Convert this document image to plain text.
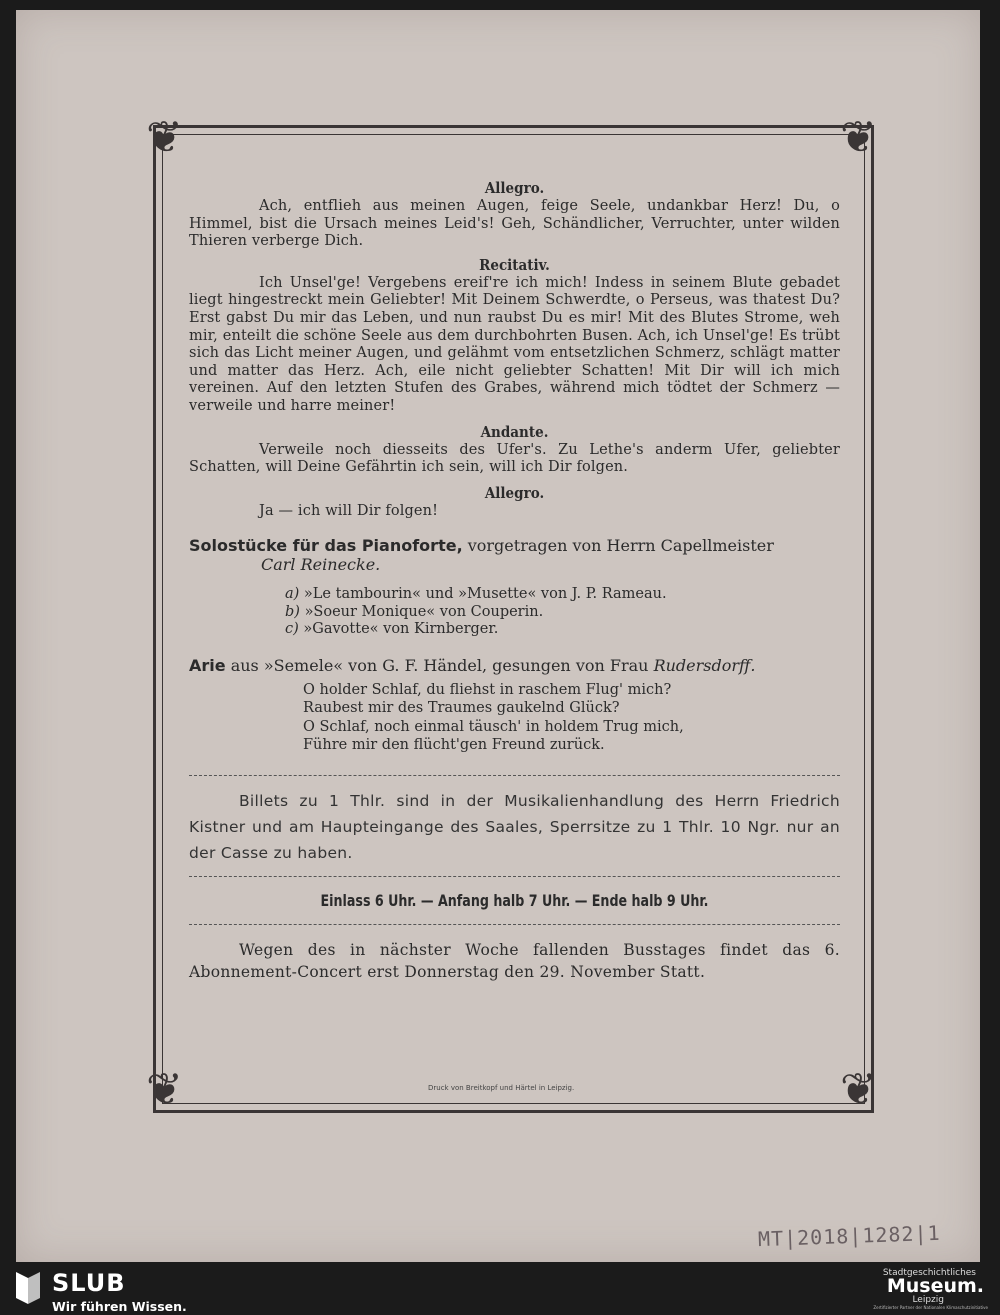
❦	❦
❦	❦
Allegro.

Ach, entflieh aus meinen Augen, feige Seele, undankbar Herz! Du, o Himmel, bist die Ursach meines Leid's! Geh, Schändlicher, Verruchter, unter wilden Thieren verberge Dich.

Recitativ.

Ich Unsel'ge! Vergebens ereif're ich mich! Indess in seinem Blute gebadet liegt hingestreckt mein Geliebter! Mit Deinem Schwerdte, o Perseus, was thatest Du? Erst gabst Du mir das Leben, und nun raubst Du es mir! Mit des Blutes Strome, weh mir, enteilt die schöne Seele aus dem durchbohrten Busen. Ach, ich Unsel'ge! Es trübt sich das Licht meiner Augen, und gelähmt vom entsetzlichen Schmerz, schlägt matter und matter das Herz. Ach, eile nicht geliebter Schatten! Mit Dir will ich mich vereinen. Auf den letzten Stufen des Grabes, während mich tödtet der Schmerz — verweile und harre meiner!

Andante.

Verweile noch diesseits des Ufer's. Zu Lethe's anderm Ufer, geliebter Schatten, will Deine Gefährtin ich sein, will ich Dir folgen.

Allegro.

Ja — ich will Dir folgen!

Solostücke für das Pianoforte, vorgetragen von Herrn Capellmeister

Carl Reinecke.

a) »Le tambourin« und »Musette« von J. P. Rameau.
b) »Soeur Monique« von Couperin.
c) »Gavotte« von Kirnberger.

Arie aus »Semele« von G. F. Händel, gesungen von Frau Rudersdorff.

O holder Schlaf, du fliehst in raschem Flug' mich?
Raubest mir des Traumes gaukelnd Glück?
O Schlaf, noch einmal täusch' in holdem Trug mich,
Führe mir den flücht'gen Freund zurück.

Billets zu 1 Thlr. sind in der Musikalienhandlung des Herrn Friedrich Kistner und am Haupteingange des Saales, Sperrsitze zu 1 Thlr. 10 Ngr. nur an der Casse zu haben.

Einlass 6 Uhr. — Anfang halb 7 Uhr. — Ende halb 9 Uhr.

Wegen des in nächster Woche fallenden Busstages findet das 6. Abonnement-Concert erst Donnerstag den 29. November Statt.

Druck von Breitkopf und Härtel in Leipzig.
MT|2018|1282|1
SLUB
Wir führen Wissen.
Stadtgeschichtliches
Museum.
Leipzig
Zertifizierter Partner der Nationalen Klimaschutzinitiative
